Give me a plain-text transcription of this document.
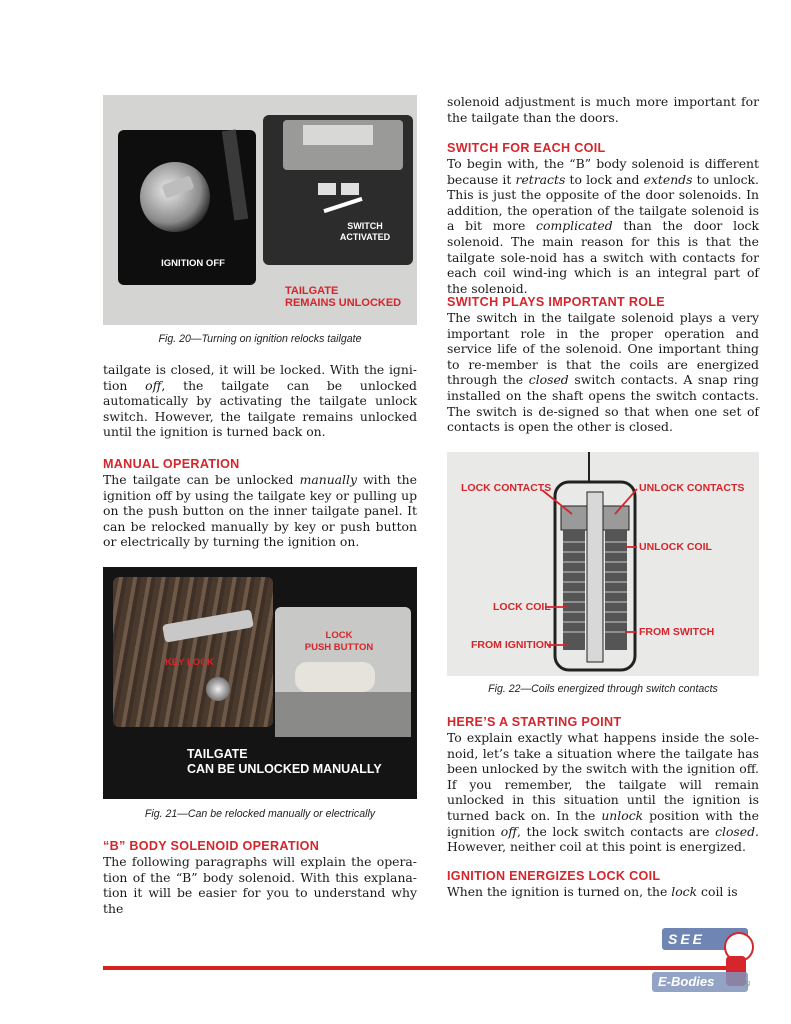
IGNITION OFF
SWITCH
ACTIVATED
TAILGATE
REMAINS UNLOCKED
Fig. 20—Turning on ignition relocks tailgate

tailgate is closed, it will be locked. With the igni-tion off, the tailgate can be unlocked automatically by activating the tailgate unlock switch. However, the tailgate remains unlocked until the ignition is turned back on.

MANUAL OPERATION

The tailgate can be unlocked manually with the ignition off by using the tailgate key or pulling up on the push button on the inner tailgate panel. It can be relocked manually by key or push button or electrically by turning the ignition on.

KEY LOCK
LOCK
PUSH BUTTON
TAILGATE
CAN BE UNLOCKED MANUALLY
Fig. 21—Can be relocked manually or electrically
“B” BODY SOLENOID OPERATION

The following paragraphs will explain the opera-tion of the “B” body solenoid. With this explana-tion it will be easier for you to understand why the

solenoid adjustment is much more important for the tailgate than the doors.

SWITCH FOR EACH COIL

To begin with, the “B” body solenoid is different because it retracts to lock and extends to unlock. This is just the opposite of the door solenoids. In addition, the operation of the tailgate solenoid is a bit more complicated than the door lock solenoid. The main reason for this is that the tailgate sole-noid has a switch with contacts for each coil wind-ing which is an integral part of the solenoid.

SWITCH PLAYS IMPORTANT ROLE

The switch in the tailgate solenoid plays a very important role in the proper operation and service life of the solenoid. One important thing to re-member is that the coils are energized through the closed switch contacts. A snap ring installed on the shaft opens the switch contacts. The switch is de-signed so that when one set of contacts is open the other is closed.

LOCK CONTACTS	UNLOCK CONTACTS
UNLOCK COIL
LOCK COIL
FROM IGNITION
FROM SWITCH
Fig. 22—Coils energized through switch contacts
HERE’S A STARTING POINT

To explain exactly what happens inside the sole-noid, let’s take a situation where the tailgate has been unlocked by the switch with the ignition off. If you remember, the tailgate will remain unlocked in this situation until the ignition is turned back on. In the unlock position with the ignition off, the lock switch contacts are closed. However, neither coil at this point is energized.

IGNITION ENERGIZES LOCK COIL

When the ignition is turned on, the lock coil is

SEE
E-Bodies	.org
